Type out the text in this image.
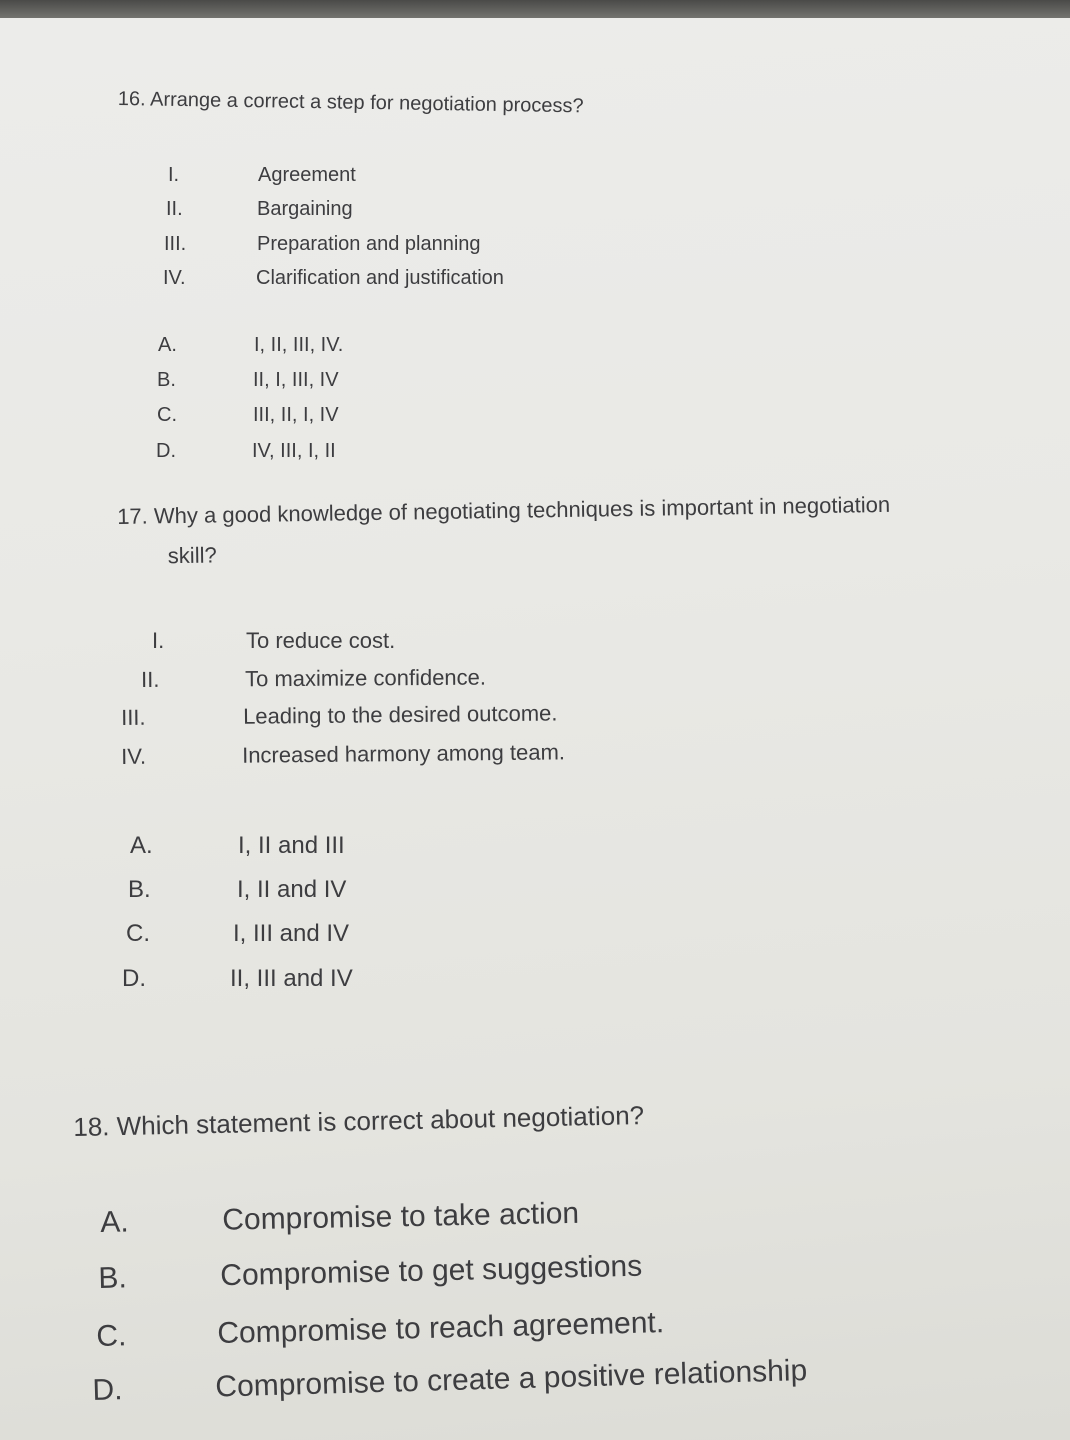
16. Arrange a correct a step for negotiation process?
I.	Agreement
II.	Bargaining
III.	Preparation and planning
IV.	Clarification and justification
A.	I, II, III, IV.
B.	II, I, III, IV
C.	III, II, I, IV
D.	IV, III, I, II
17. Why a good knowledge of negotiating techniques is important in negotiation
skill?
I.	To reduce cost.
II.	To maximize confidence.
III.	Leading to the desired outcome.
IV.	Increased harmony among team.
A.	I, II and III
B.	I, II and IV
C.	I, III and IV
D.	II, III and IV
18. Which statement is correct about negotiation?
A.	Compromise to take action
B.	Compromise to get suggestions
C.	Compromise to reach agreement.
D.	Compromise to create a positive relationship
